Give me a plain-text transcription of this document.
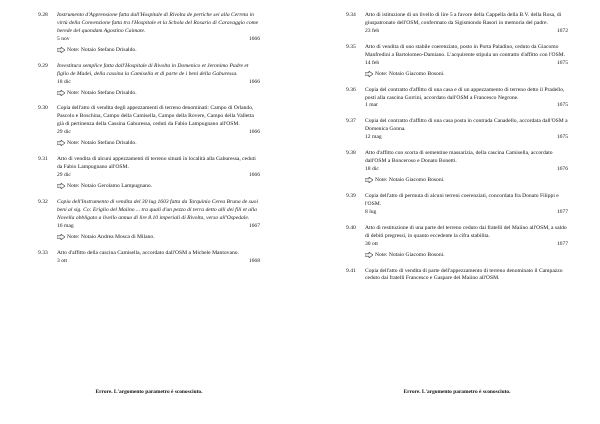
9.28 Instrumento d'Apprensione fatta dall'Hospitale di Rivolta de pertiche sei alla Cerreta in virtù della Convenzione fatta tra l'Hospitale et la Schola del Rosario di Caravaggio come herede del quondam Agostino Caimate.
5 nov	1666
Note: Notaio Stefano Drisaldo.
9.29 Investitura semplice fatta dall'Hospitale di Rivolta in Domenico et Jeronimo Padre et figlio de Madei, della cassina la Camisella et di parte de i beni della Gaburessa.
18 dic	1666
Note: Notaio Stefano Drisaldo.
9.30 Copia dell'atto di vendita degli appezzamenti di terreno denominati: Campo di Orlando, Pascolo e Boschina, Campo della Camisella, Campo della Rovere, Campo della Valletta già di pertinenza della Cassina Gaburessa, ceduti da Fabio Lampugnano all'OSM.
29 dic	1666
Note: Notaio Stefano Drisaldo.
9.31 Atto di vendita di alcuni appezzamenti di terreno situati in località alla Gaburessa, ceduti da Fabio Lampugnano all'OSM.
29 dic	1666
Note: Notaio Gerolamo Lampugnano.
9.32 Copia dell'Instrumento di vendita del 30 lug 1603 fatta da Tarquinio Cerea Bruna de suoi beni al sig. Co: Eriglio del Maiino ... tra quali d'un pezzo di terra detto alli dei fili et alla Novella obbligato a livello annuo di lire 8.10 imperiali di Rivolta, verso all'Ospedale.
16 mag	1667
Note: Notaio Andrea Mosca di Milano.
9.33 Atto d'affitto della cascina Camisella, accordato dall'OSM a Michele Mantovano.
3 ott	1668
9.34 Atto di istituzione di un livello di lire 5 a favore della Cappella della B.V. della Rosa, di giuspatronato dell'OSM, confermato da Sigismondo Rasori in memoria del padre.
23 feb	1672
9.35 Atto di vendita di uno stabile coerenziato, posto in Porta Paladino, ceduto da Giacomo Manfredini a Bartolomeo-Damiano. L'acquirente stipula un contratto d'affitto con l'OSM.
14 feb	1675
Note: Notaio Giacomo Bosoni.
9.36 Copia del contratto d'affitto di una casa e di un appezzamento di terreno detto il Pradello, posti alla cascina Gorrini, accordato dall'OSM a Francesco Negrone.
1 mar	1675
9.37 Copia del contratto d'affitto di una casa posta in contrada Canadello, accordata dall'OSM a Domenica Gonna.
12 mag	1675
9.38 Atto d'affitto con scorta di sementine massarizia, della cascina Camisella, accordato dall'OSM a Bonceroso e Donato Bonetti.
18 dic	1676
Note: Notaio Giacomo Bosoni.
9.39 Copia dell'atto di permuta di alcuni terreni coerenziati, concordata fra Donato Filippi e l'OSM.
8 lug	1677
9.40 Atto di restituzione di una parte del terreno ceduto dai fratelli del Maiino all'OSM, a saldo di debiti pregressi, in quanto eccedente la cifra stabilita.
30 ott	1677
Note: Notaio Giacomo Bosoni.
9.41 Copia dell'atto di vendita di parte dell'appezzamento di terreno denominato il Campazzo ceduto dai fratelli Francesco e Gaspare del Maiino all'OSM.
Errore. L'argomento parametro è sconosciuto.	Errore. L'argomento parametro è sconosciuto.
